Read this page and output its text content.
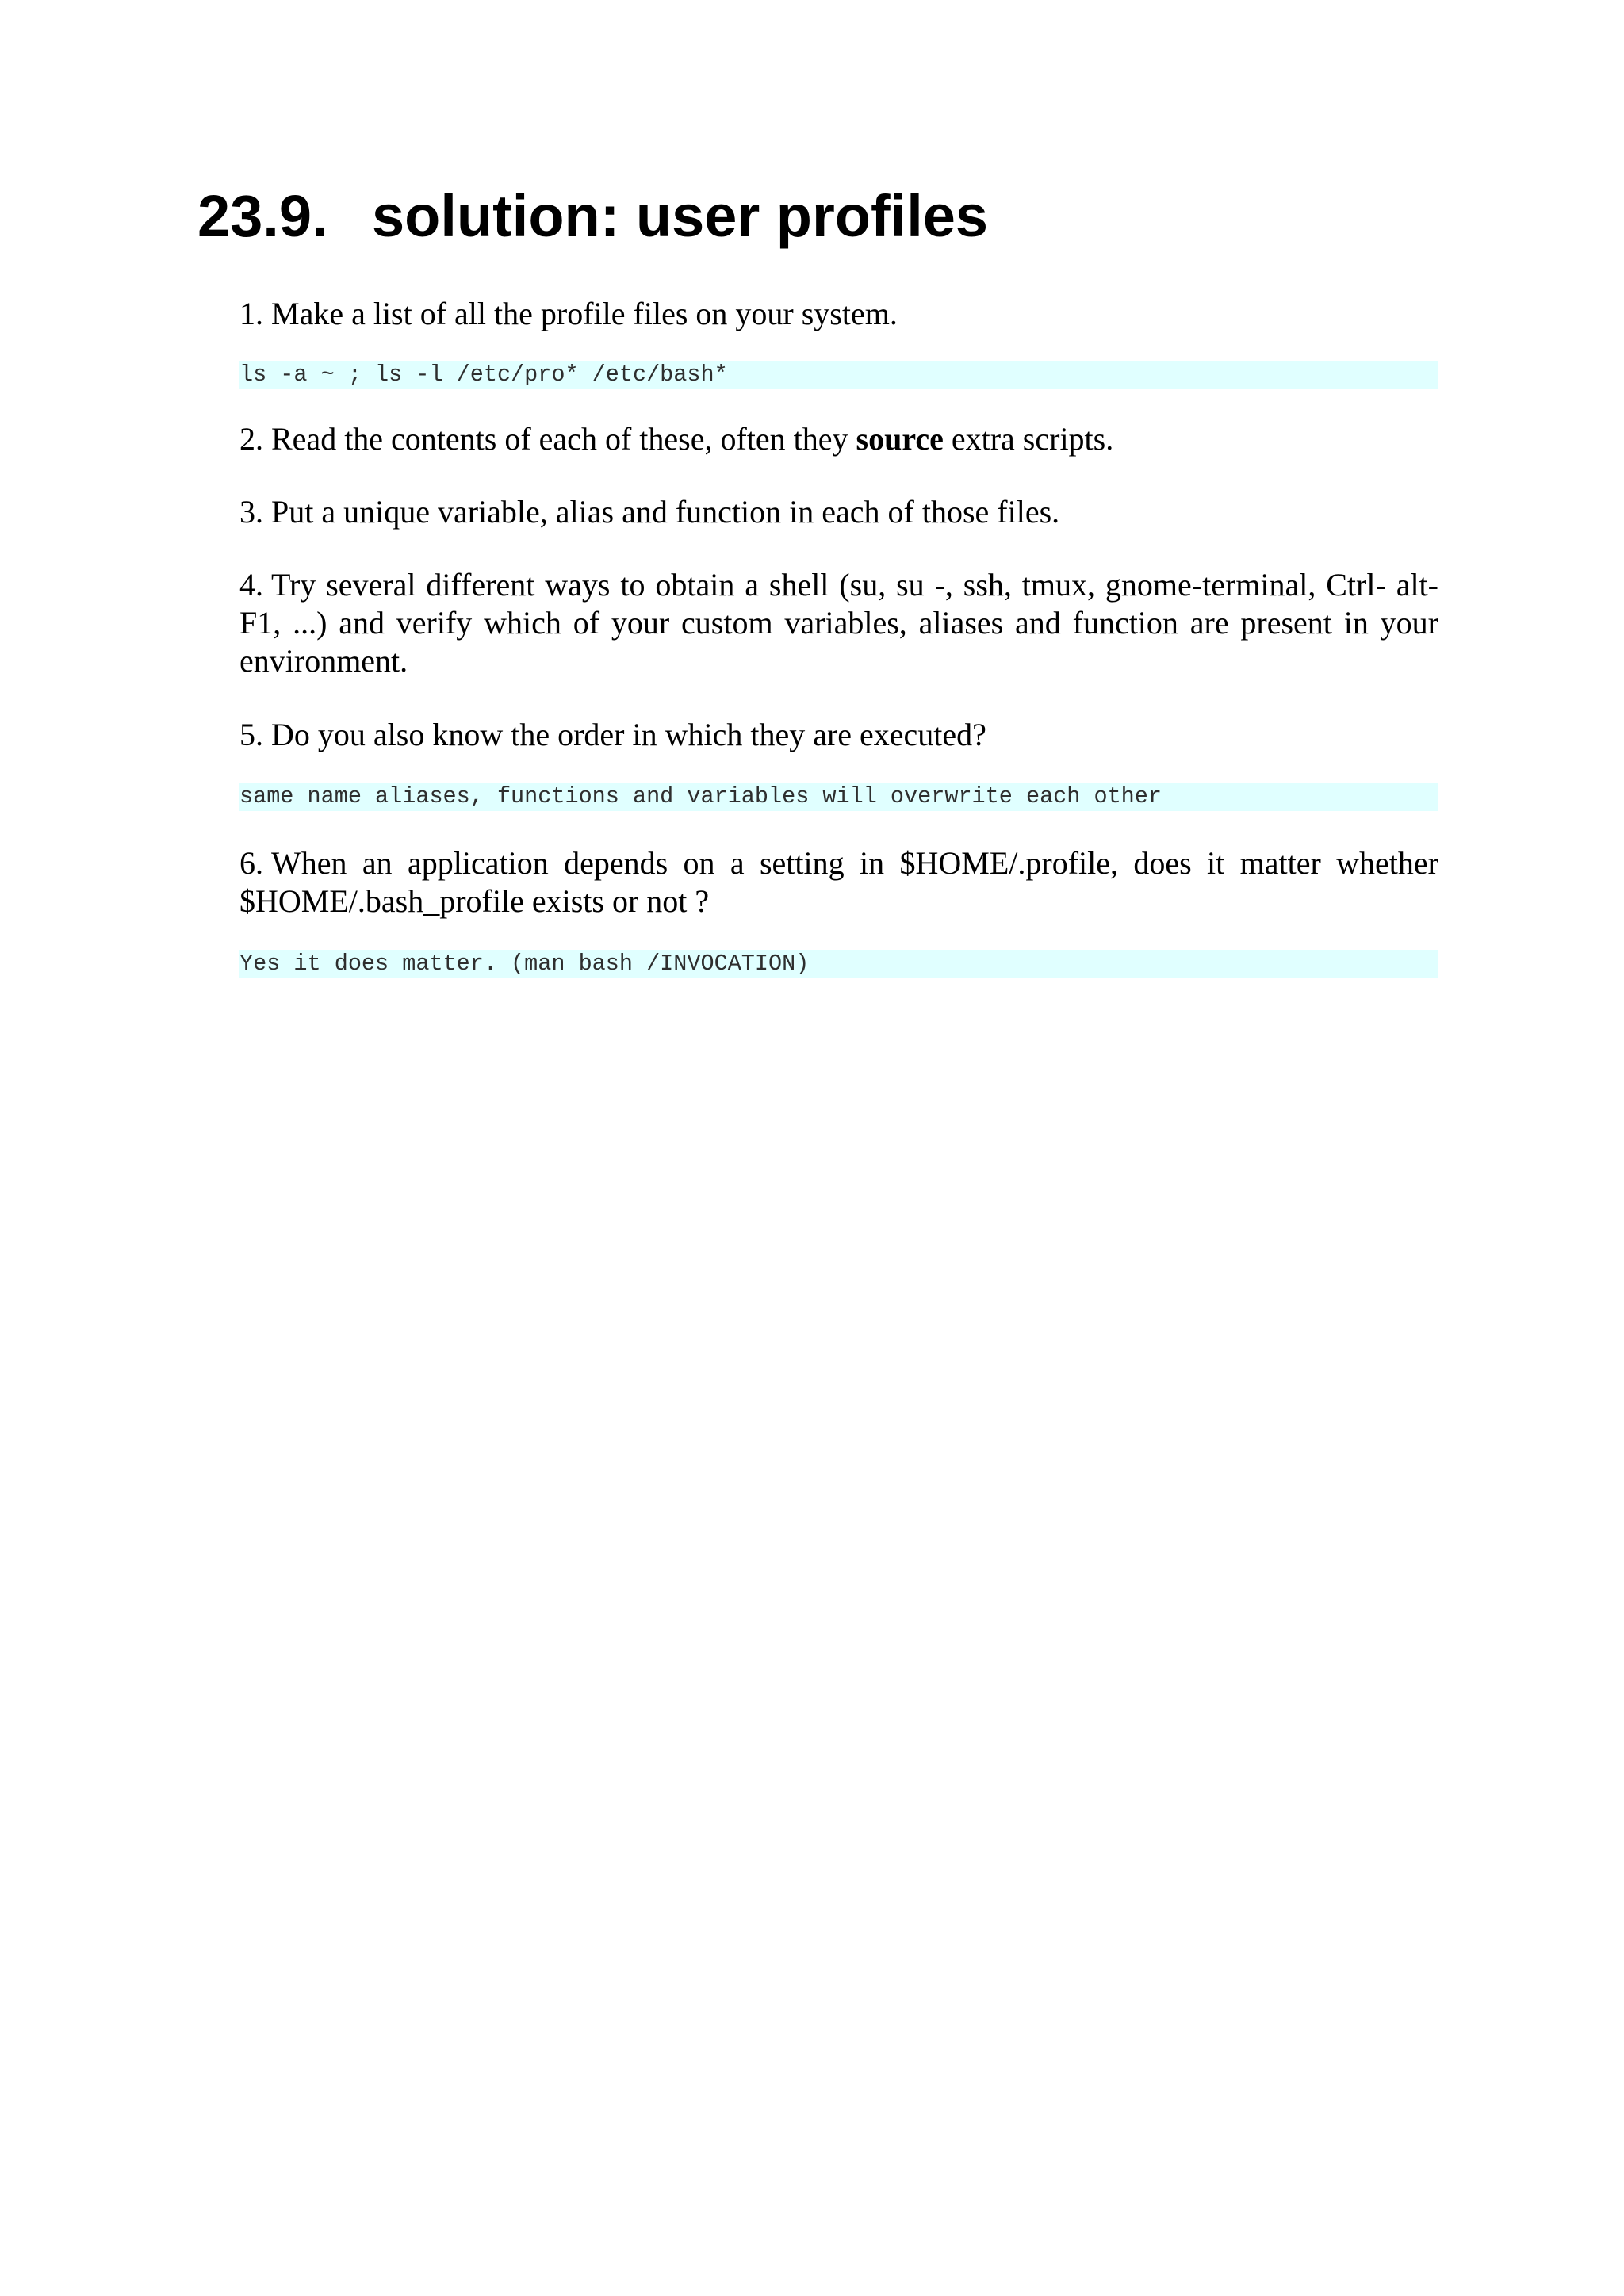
23.9. solution: user profiles

1. Make a list of all the profile files on your system.

ls -a ~ ; ls -l /etc/pro* /etc/bash*

2. Read the contents of each of these, often they source extra scripts.

3. Put a unique variable, alias and function in each of those files.

4. Try several different ways to obtain a shell (su, su -, ssh, tmux, gnome-terminal, Ctrl- alt-F1, ...) and verify which of your custom variables, aliases and function are present in your environment.

5. Do you also know the order in which they are executed?

same name aliases, functions and variables will overwrite each other

6. When an application depends on a setting in $HOME/.profile, does it matter whether $HOME/.bash_profile exists or not ?

Yes it does matter. (man bash /INVOCATION)
